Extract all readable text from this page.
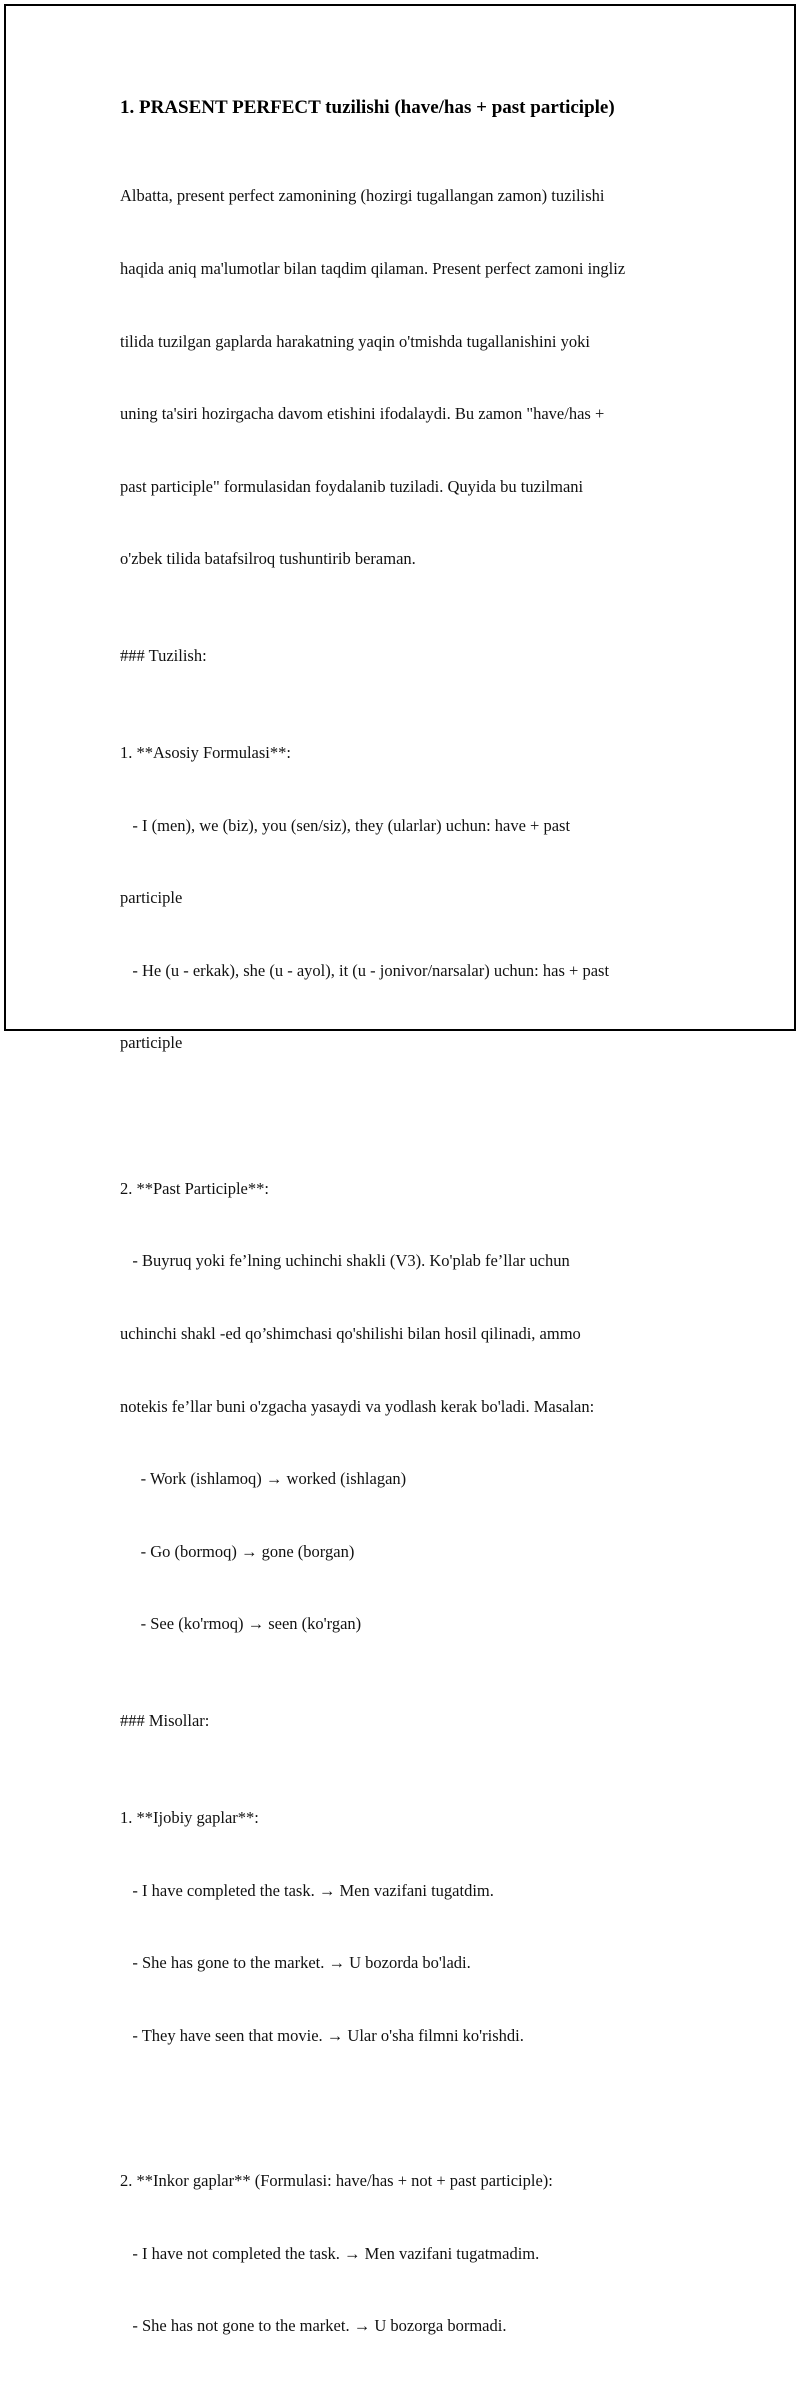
1. PRASENT PERFECT tuzilishi (have/has + past participle)

Albatta, present perfect zamonining (hozirgi tugallangan zamon) tuzilishi

haqida aniq ma'lumotlar bilan taqdim qilaman. Present perfect zamoni ingliz

tilida tuzilgan gaplarda harakatning yaqin o'tmishda tugallanishini yoki

uning ta'siri hozirgacha davom etishini ifodalaydi. Bu zamon "have/has +

past participle" formulasidan foydalanib tuziladi. Quyida bu tuzilmani

o'zbek tilida batafsilroq tushuntirib beraman.

### Tuzilish:

1. **Asosiy Formulasi**:

- I (men), we (biz), you (sen/siz), they (ularlar) uchun: have + past

participle

- He (u - erkak), she (u - ayol), it (u - jonivor/narsalar) uchun: has + past

participle

2. **Past Participle**:

- Buyruq yoki fe’lning uchinchi shakli (V3). Ko'plab fe’llar uchun

uchinchi shakl -ed qo’shimchasi qo'shilishi bilan hosil qilinadi, ammo

notekis fe’llar buni o'zgacha yasaydi va yodlash kerak bo'ladi. Masalan:

- Work (ishlamoq) → worked (ishlagan)

- Go (bormoq) → gone (borgan)

- See (ko'rmoq) → seen (ko'rgan)

### Misollar:

1. **Ijobiy gaplar**:

- I have completed the task. → Men vazifani tugatdim.

- She has gone to the market. → U bozorda bo'ladi.

- They have seen that movie. → Ular o'sha filmni ko'rishdi.

2. **Inkor gaplar** (Formulasi: have/has + not + past participle):

- I have not completed the task. → Men vazifani tugatmadim.

- She has not gone to the market. → U bozorga bormadi.
